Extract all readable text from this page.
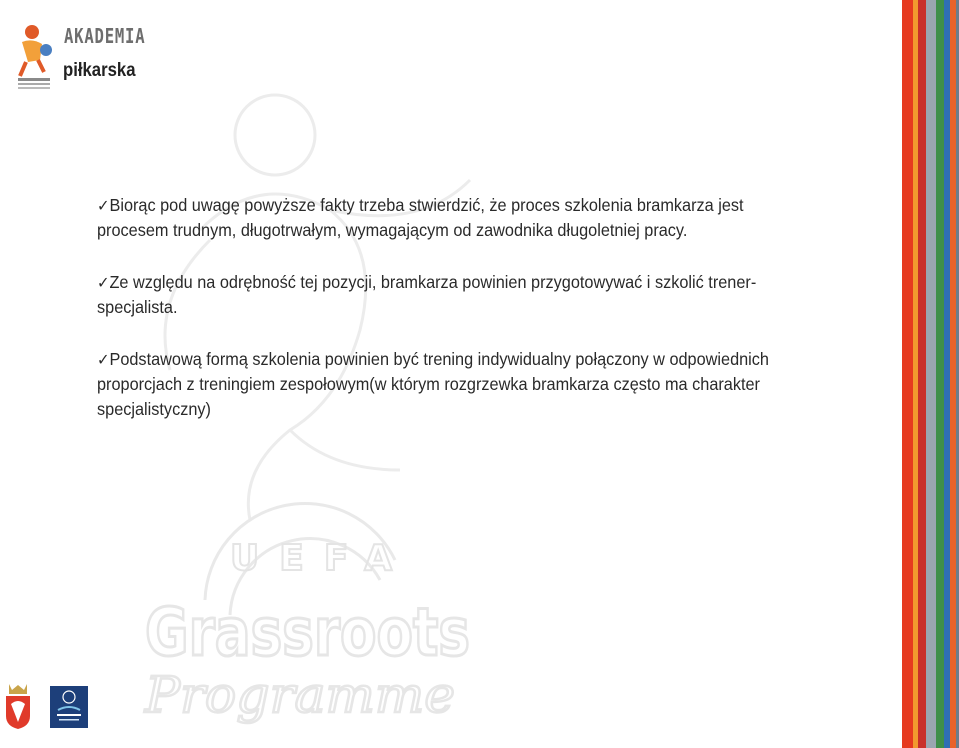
UEFA
Grassroots
Programme
AKADEMIA
piłkarska
✓Biorąc pod uwagę powyższe fakty trzeba stwierdzić, że proces szkolenia bramkarza jest procesem trudnym, długotrwałym, wymagającym od zawodnika długoletniej pracy.
✓Ze względu na odrębność tej pozycji, bramkarza powinien przygotowywać i szkolić trener-specjalista.
✓Podstawową formą szkolenia powinien być trening indywidualny połączony w odpowiednich proporcjach z treningiem zespołowym(w którym rozgrzewka bramkarza często ma charakter specjalistyczny)
